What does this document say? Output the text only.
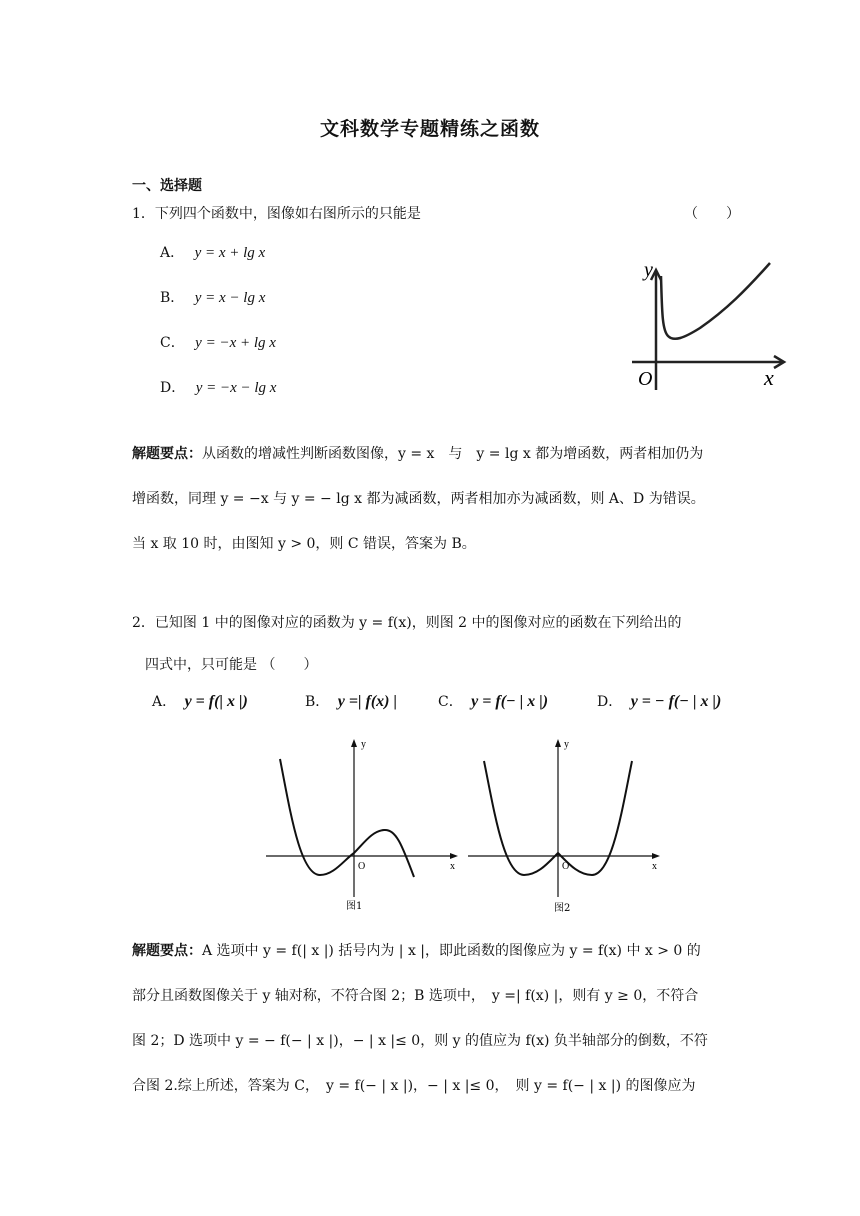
文科数学专题精练之函数
一、选择题
1．下列四个函数中，图像如右图所示的只能是	（　　）
A． y = x + lg x
B． y = x − lg x
C． y = −x + lg x
D． y = −x − lg x
y
O	x
解题要点：从函数的增减性判断函数图像，y = x　与　y = lg x 都为增函数，两者相加仍为
增函数，同理 y = −x 与 y = − lg x 都为减函数，两者相加亦为减函数，则 A、D 为错误。
当 x 取 10 时，由图知 y > 0，则 C 错误，答案为 B。
2．已知图 1 中的图像对应的函数为 y = f(x)，则图 2 中的图像对应的函数在下列给出的
四式中，只可能是 （　　）
A． y = f(| x |)	B． y =| f(x) |	C． y = f(− | x |)	D． y = − f(− | x |)
y
O	x
图1
y
O	x
图2
解题要点：A 选项中 y = f(| x |) 括号内为 | x |，即此函数的图像应为 y = f(x) 中 x > 0 的
部分且函数图像关于 y 轴对称，不符合图 2；B 选项中，　y =| f(x) |，则有 y ≥ 0，不符合
图 2；D 选项中 y = − f(− | x |)，− | x |≤ 0，则 y 的值应为 f(x) 负半轴部分的倒数，不符
合图 2.综上所述，答案为 C，　y = f(− | x |)，− | x |≤ 0，　则 y = f(− | x |) 的图像应为
